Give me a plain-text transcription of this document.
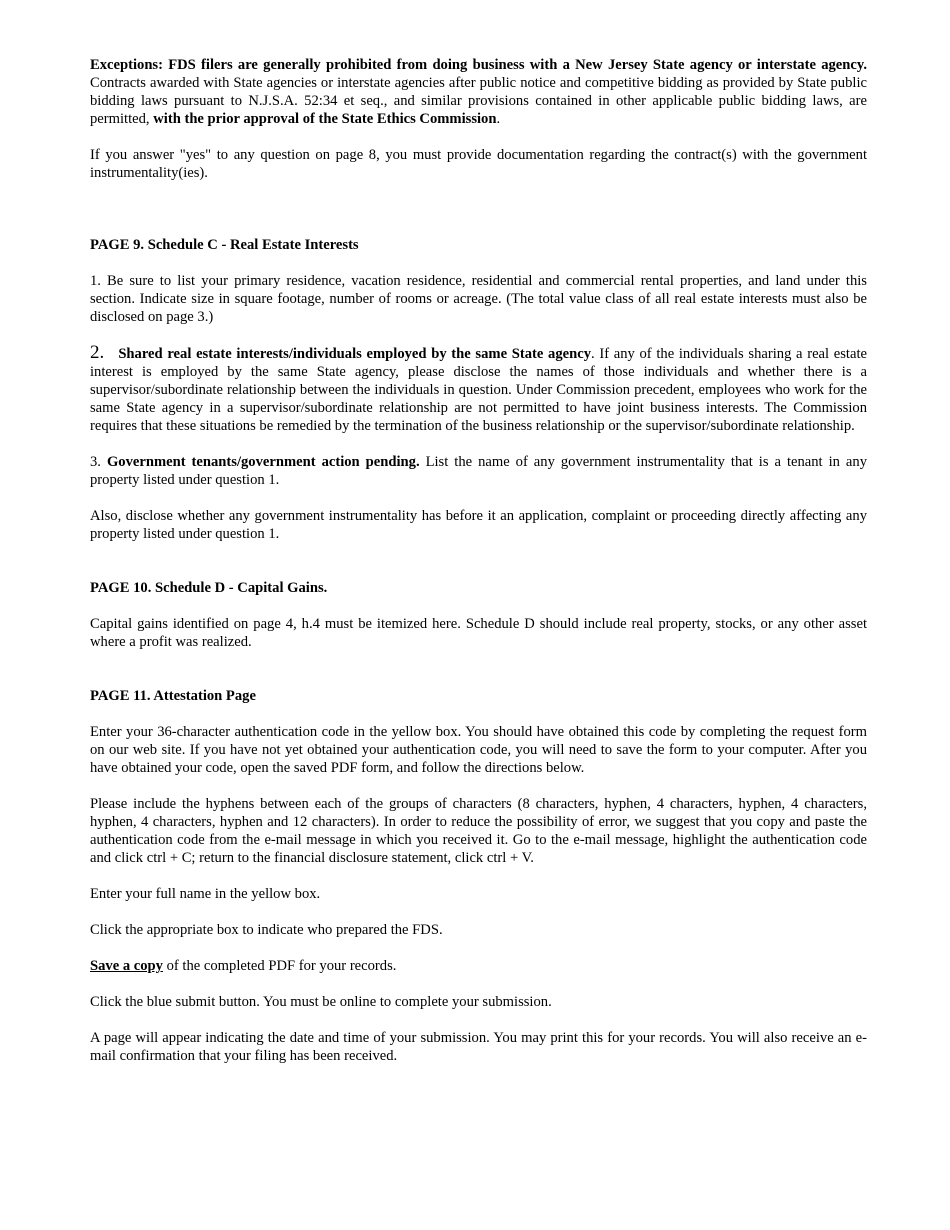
Exceptions: FDS filers are generally prohibited from doing business with a New Jersey State agency or interstate agency. Contracts awarded with State agencies or interstate agencies after public notice and competitive bidding as provided by State public bidding laws pursuant to N.J.S.A. 52:34 et seq., and similar provisions contained in other applicable public bidding laws, are permitted, with the prior approval of the State Ethics Commission.

If you answer "yes" to any question on page 8, you must provide documentation regarding the contract(s) with the government instrumentality(ies).

PAGE 9. Schedule C - Real Estate Interests

1. Be sure to list your primary residence, vacation residence, residential and commercial rental properties, and land under this section. Indicate size in square footage, number of rooms or acreage. (The total value class of all real estate interests must also be disclosed on page 3.)

2. Shared real estate interests/individuals employed by the same State agency. If any of the individuals sharing a real estate interest is employed by the same State agency, please disclose the names of those individuals and whether there is a supervisor/subordinate relationship between the individuals in question. Under Commission precedent, employees who work for the same State agency in a supervisor/subordinate relationship are not permitted to have joint business interests. The Commission requires that these situations be remedied by the termination of the business relationship or the supervisor/subordinate relationship.

3. Government tenants/government action pending. List the name of any government instrumentality that is a tenant in any property listed under question 1.

Also, disclose whether any government instrumentality has before it an application, complaint or proceeding directly affecting any property listed under question 1.

PAGE 10. Schedule D - Capital Gains.

Capital gains identified on page 4, h.4 must be itemized here. Schedule D should include real property, stocks, or any other asset where a profit was realized.

PAGE 11. Attestation Page

Enter your 36-character authentication code in the yellow box. You should have obtained this code by completing the request form on our web site. If you have not yet obtained your authentication code, you will need to save the form to your computer. After you have obtained your code, open the saved PDF form, and follow the directions below.

Please include the hyphens between each of the groups of characters (8 characters, hyphen, 4 characters, hyphen, 4 characters, hyphen, 4 characters, hyphen and 12 characters). In order to reduce the possibility of error, we suggest that you copy and paste the authentication code from the e-mail message in which you received it. Go to the e-mail message, highlight the authentication code and click ctrl + C; return to the financial disclosure statement, click ctrl + V.

Enter your full name in the yellow box.

Click the appropriate box to indicate who prepared the FDS.

Save a copy of the completed PDF for your records.

Click the blue submit button. You must be online to complete your submission.

A page will appear indicating the date and time of your submission. You may print this for your records. You will also receive an e-mail confirmation that your filing has been received.
